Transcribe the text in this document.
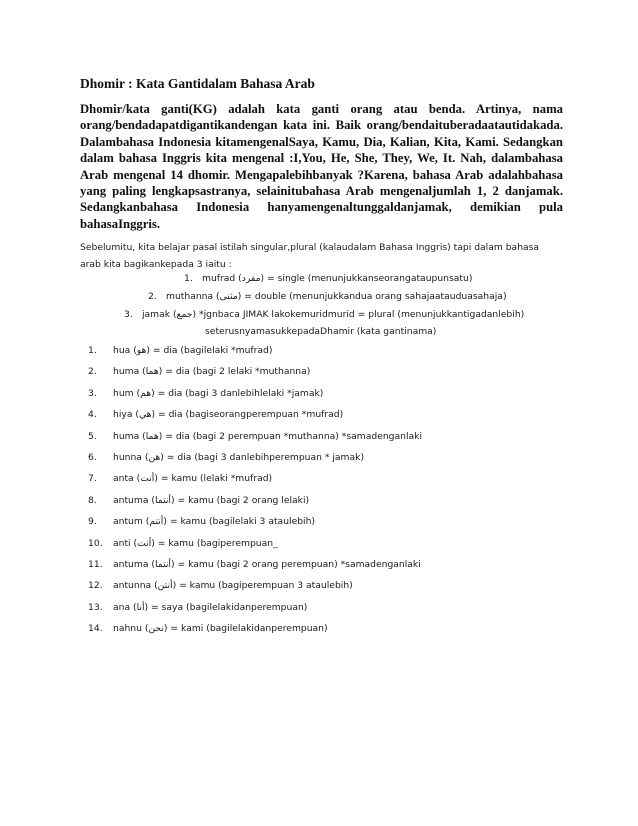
Dhomir : Kata Gantidalam Bahasa Arab
Dhomir/kata ganti(KG) adalah kata ganti orang atau benda. Artinya, nama
orang/bendadapatdigantikandengan kata ini. Baik orang/bendaituberadaatautidakada.
Dalambahasa Indonesia kitamengenalSaya, Kamu, Dia, Kalian, Kita, Kami. Sedangkan
dalam bahasa Inggris kita mengenal :I,You, He, She, They, We, It. Nah, dalambahasa
Arab mengenal 14 dhomir. Mengapalebihbanyak ?Karena, bahasa Arab adalahbahasa
yang paling lengkapsastranya, selainitubahasa Arab mengenaljumlah 1, 2 danjamak.
Sedangkanbahasa Indonesia hanyamengenaltunggaldanjamak, demikian pula
bahasaInggris.
Sebelumitu, kita belajar pasal istilah singular,plural (kalaudalam Bahasa Inggris) tapi dalam bahasa
arab kita bagikankepada 3 iaitu :
1. mufrad (مفرد) = single (menunjukkanseorangataupunsatu)
2. muthanna (مثنى) = double (menunjukkandua orang sahajaatauduasahaja)
3. jamak (جمع) *jgnbaca JIMAK lakokemuridmurid = plural (menunjukkantigadanlebih)
seterusnyamasukkepadaDhamir (kata gantinama)
1. hua (هو) = dia (bagilelaki *mufrad)
2. huma (هما) = dia (bagi 2 lelaki *muthanna)
3. hum (هم) = dia (bagi 3 danlebihlelaki *jamak)
4. hiya (هي) = dia (bagiseorangperempuan *mufrad)
5. huma (هما) = dia (bagi 2 perempuan *muthanna) *samadenganlaki
6. hunna (هن) = dia (bagi 3 danlebihperempuan * jamak)
7. anta (أنت) = kamu (lelaki *mufrad)
8. antuma (أنتما) = kamu (bagi 2 orang lelaki)
9. antum (أنتم) = kamu (bagilelaki 3 ataulebih)
10. anti (أنت) = kamu (bagiperempuan_
11. antuma (أنتما) = kamu (bagi 2 orang perempuan) *samadenganlaki
12. antunna (أنتن) = kamu (bagiperempuan 3 ataulebih)
13. ana (أنا) = saya (bagilelakidanperempuan)
14. nahnu (نحن) = kami (bagilelakidanperempuan)
